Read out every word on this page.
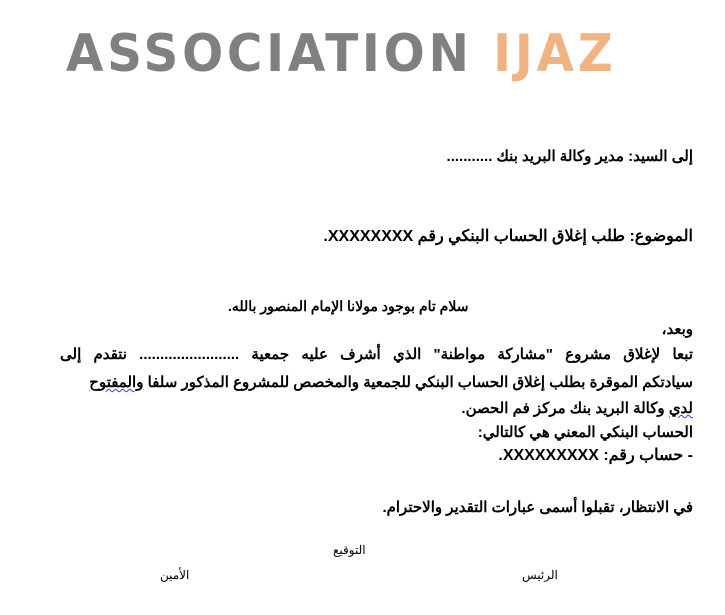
ASSOCIATION IJAZ
إلى السيد: مدير وكالة البريد بنك ...........
الموضوع: طلب إغلاق الحساب البنكي رقم XXXXXXXX.
سلام تام بوجود مولانا الإمام المنصور بالله.
وبعد،
تبعا لإغلاق مشروع "مشاركة مواطنة" الذي أشرف عليه جمعية ........................ نتقدم إلى
سيادتكم الموقرة بطلب إغلاق الحساب البنكي للجمعية والمخصص للمشروع المذكور سلفا والمفتوح
لدي وكالة البريد بنك مركز فم الحصن.
الحساب البنكي المعني هي كالتالي:
- حساب رقم: XXXXXXXXX.
في الانتظار، تقبلوا أسمى عبارات التقدير والاحترام.
التوقيع
الرئيس
الأمين
